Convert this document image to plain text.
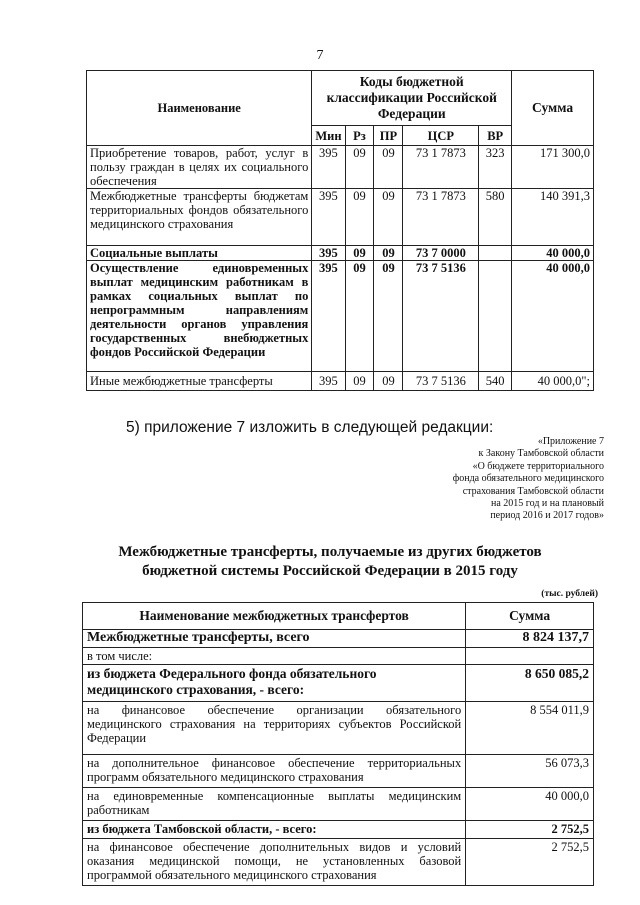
7
Наименование	Коды бюджетной классификации Российской Федерации					Сумма
	Мин	Рз	ПР	ЦСР	ВР	
Приобретение товаров, работ, услуг в пользу граждан в целях их социального обеспечения	395	09	09	73 1 7873	323	171 300,0
Межбюджетные трансферты бюджетам территориальных фондов обязательного медицинского страхования	395	09	09	73 1 7873	580	140 391,3
Социальные выплаты	395	09	09	73 7 0000		40 000,0
Осуществление единовременных выплат медицинским работникам в рамках социальных выплат по непрограммным направлениям деятельности органов управления государственных внебюджетных фондов Российской Федерации	395	09	09	73 7 5136		40 000,0
Иные межбюджетные трансферты	395	09	09	73 7 5136	540	40 000,0";
5) приложение 7 изложить в следующей редакции:
«Приложение 7
к Закону Тамбовской области
«О бюджете территориального
фонда обязательного медицинского
страхования Тамбовской области
на 2015 год и на плановый
период 2016 и 2017 годов»
Межбюджетные трансферты, получаемые из других бюджетов
бюджетной системы Российской Федерации в 2015 году
(тыс. рублей)
Наименование межбюджетных трансфертов	Сумма
Межбюджетные трансферты, всего	8 824 137,7
в том числе:	
из бюджета Федерального фонда обязательного медицинского страхования, - всего:	8 650 085,2
на финансовое обеспечение организации обязательного медицинского страхования на территориях субъектов Российской Федерации	8 554 011,9
на дополнительное финансовое обеспечение территориальных программ обязательного медицинского страхования	56 073,3
на единовременные компенсационные выплаты медицинским работникам	40 000,0
из бюджета Тамбовской области, - всего:	2 752,5
на финансовое обеспечение дополнительных видов и условий оказания медицинской помощи, не установленных базовой программой обязательного медицинского страхования	2 752,5
